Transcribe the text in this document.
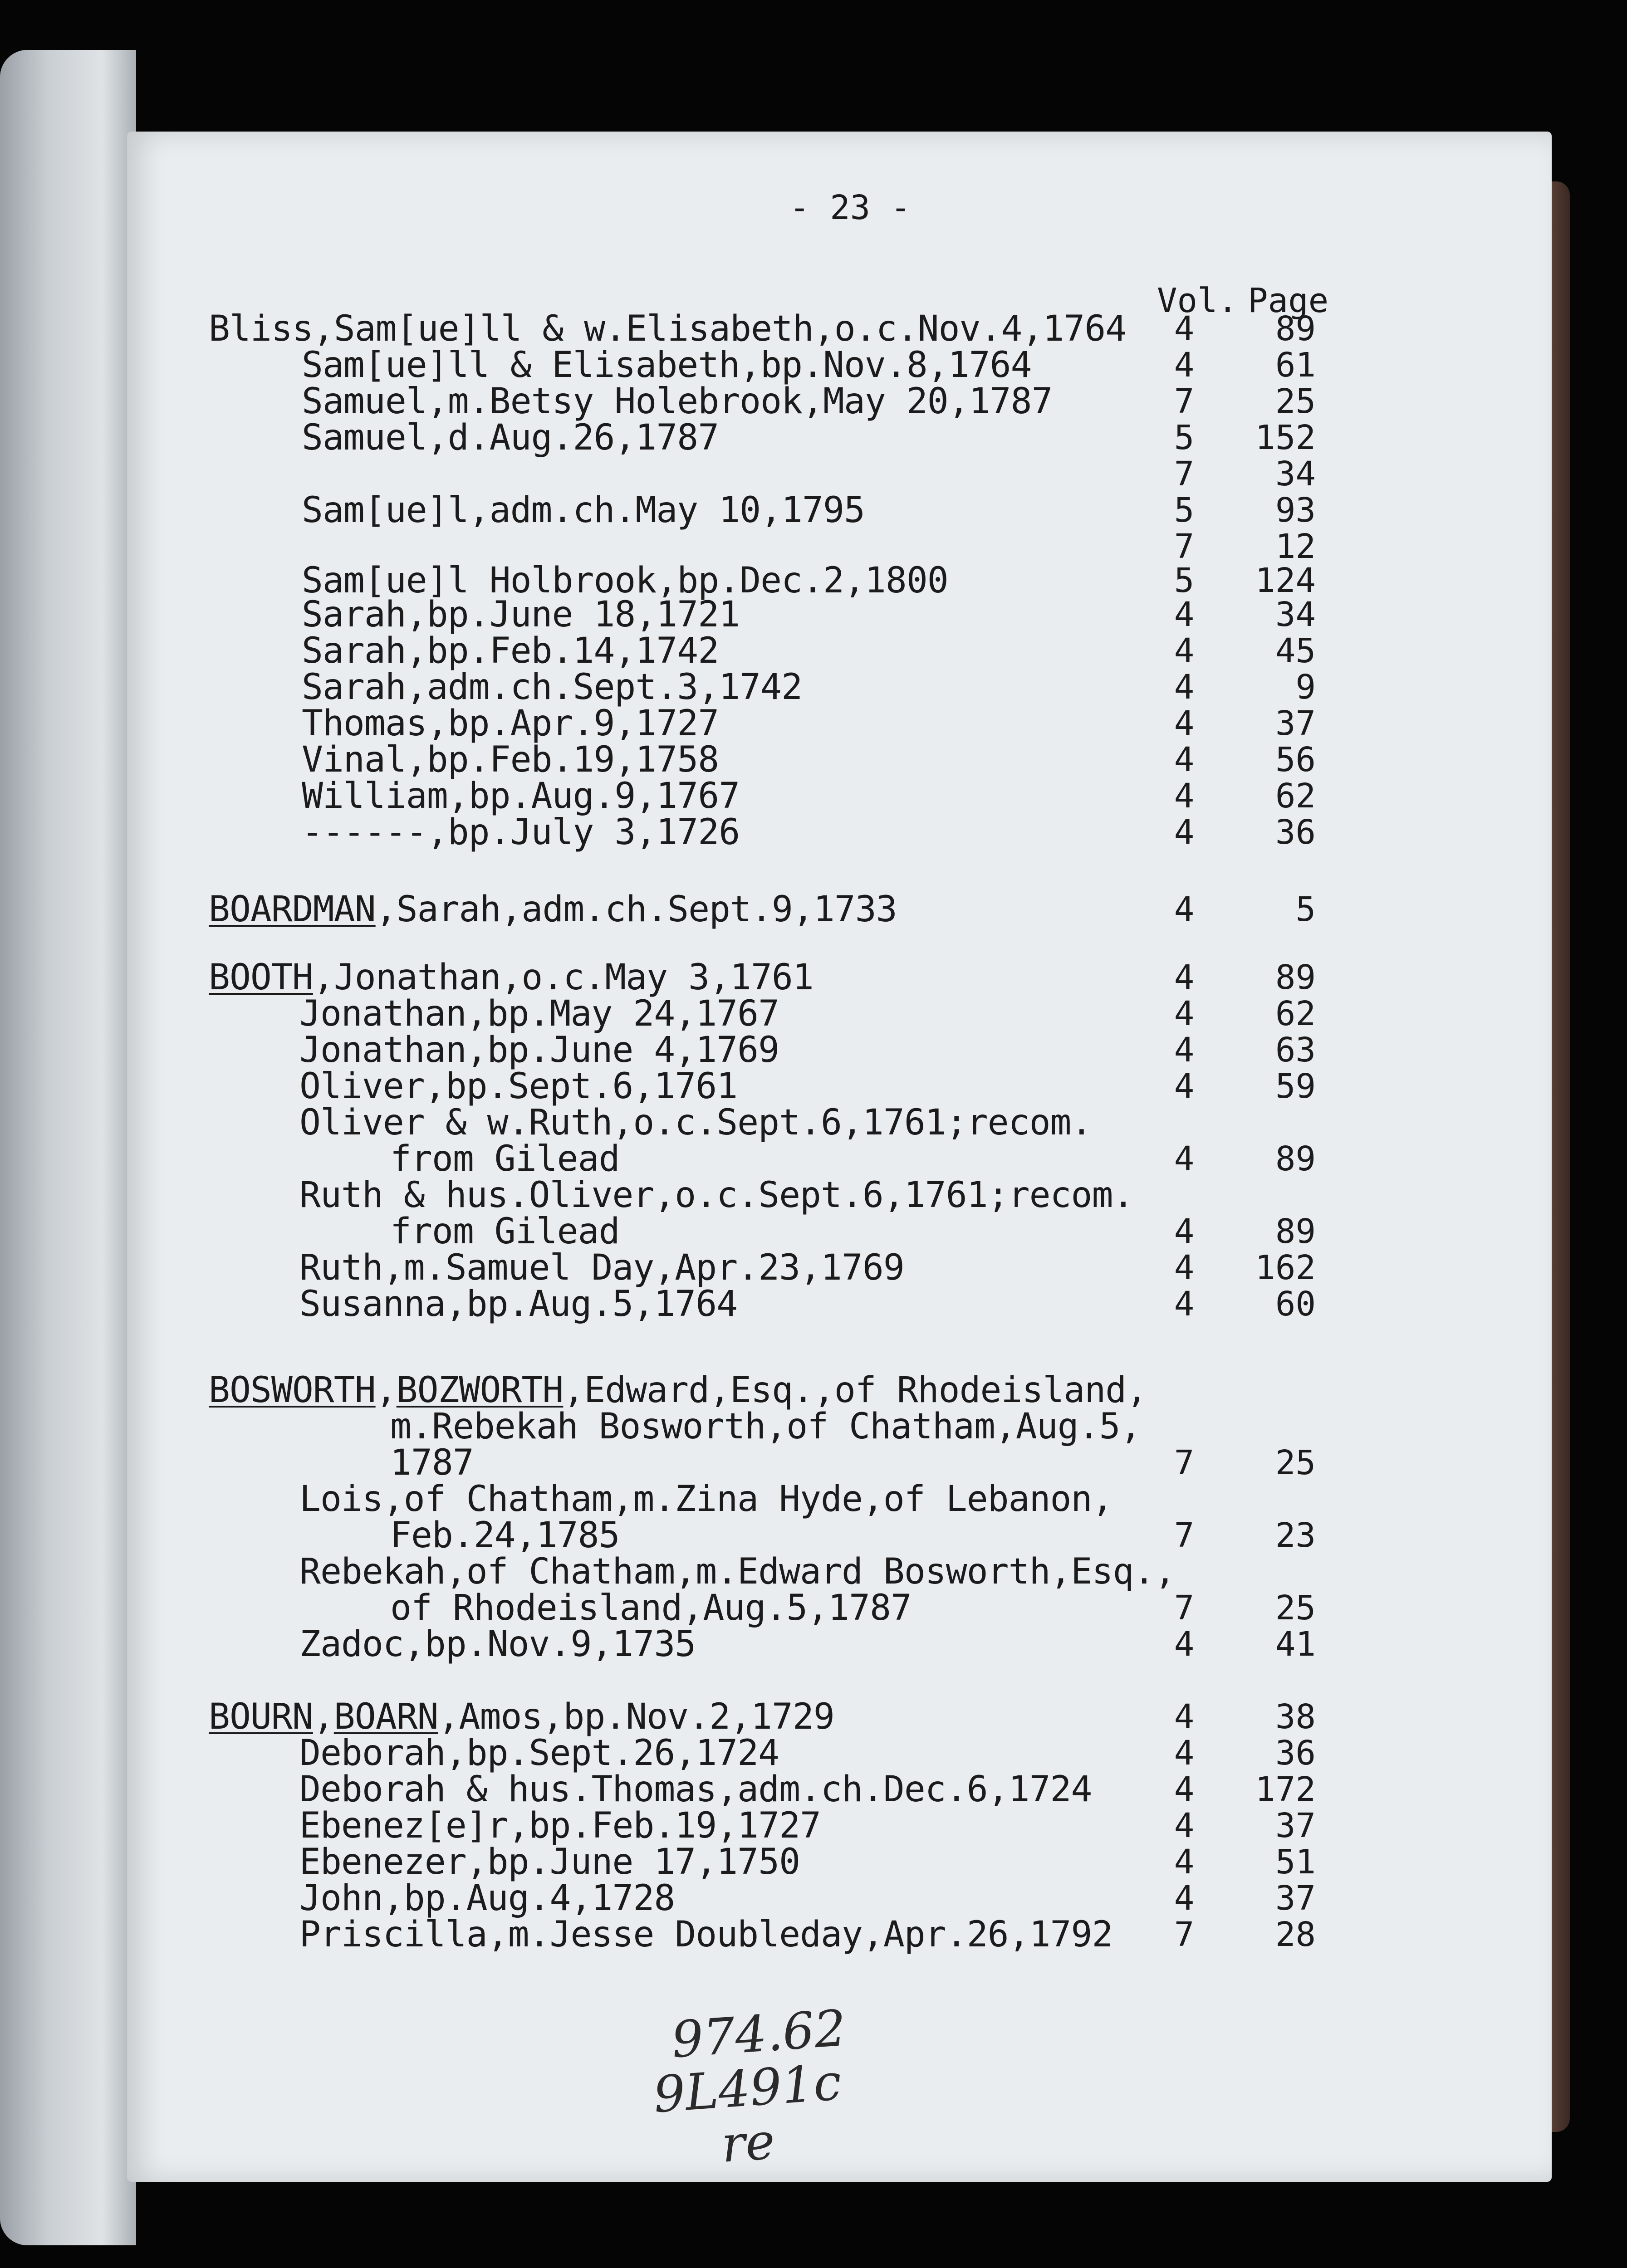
- 23 -
Vol. Page
Bliss,Sam[ue]ll & w.Elisabeth,o.c.Nov.4,1764	4	89
Sam[ue]ll & Elisabeth,bp.Nov.8,1764	4	61
Samuel,m.Betsy Holebrook,May 20,1787	7	25
Samuel,d.Aug.26,1787	5	152
7	34
Sam[ue]l,adm.ch.May 10,1795	5	93
7	12
Sam[ue]l Holbrook,bp.Dec.2,1800	5	124
Sarah,bp.June 18,1721	4	34
Sarah,bp.Feb.14,1742	4	45
Sarah,adm.ch.Sept.3,1742	4	9
Thomas,bp.Apr.9,1727	4	37
Vinal,bp.Feb.19,1758	4	56
William,bp.Aug.9,1767	4	62
------,bp.July 3,1726	4	36
BOARDMAN,Sarah,adm.ch.Sept.9,1733	4	5
BOOTH,Jonathan,o.c.May 3,1761	4	89
Jonathan,bp.May 24,1767	4	62
Jonathan,bp.June 4,1769	4	63
Oliver,bp.Sept.6,1761	4	59
Oliver & w.Ruth,o.c.Sept.6,1761;recom.
from Gilead	4	89
Ruth & hus.Oliver,o.c.Sept.6,1761;recom.
from Gilead	4	89
Ruth,m.Samuel Day,Apr.23,1769	4	162
Susanna,bp.Aug.5,1764	4	60
BOSWORTH,BOZWORTH,Edward,Esq.,of Rhodeisland,
m.Rebekah Bosworth,of Chatham,Aug.5,
1787	7	25
Lois,of Chatham,m.Zina Hyde,of Lebanon,
Feb.24,1785	7	23
Rebekah,of Chatham,m.Edward Bosworth,Esq.,
of Rhodeisland,Aug.5,1787	7	25
Zadoc,bp.Nov.9,1735	4	41
BOURN,BOARN,Amos,bp.Nov.2,1729	4	38
Deborah,bp.Sept.26,1724	4	36
Deborah & hus.Thomas,adm.ch.Dec.6,1724	4	172
Ebenez[e]r,bp.Feb.19,1727	4	37
Ebenezer,bp.June 17,1750	4	51
John,bp.Aug.4,1728	4	37
Priscilla,m.Jesse Doubleday,Apr.26,1792	7	28
974.62
9L491c
re
